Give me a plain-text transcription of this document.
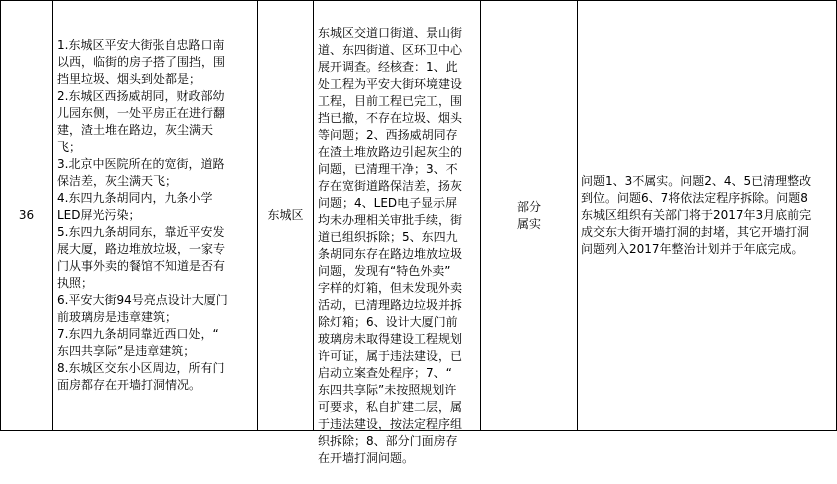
36
1.东城区平安大街张自忠路口南
以西，临街的房子搭了围挡，围
挡里垃圾、烟头到处都是；
2.东城区西扬威胡同，财政部幼
儿园东侧，一处平房正在进行翻
建，渣土堆在路边，灰尘满天
飞；
3.北京中医院所在的宽街，道路
保洁差，灰尘满天飞；
4.东四九条胡同内，九条小学
LED屏光污染；
5.东四九条胡同东，靠近平安发
展大厦，路边堆放垃圾，一家专
门从事外卖的餐馆不知道是否有
执照；
6.平安大街94号亮点设计大厦门
前玻璃房是违章建筑；
7.东四九条胡同靠近西口处，“
东四共享际”是违章建筑；
8.东城区交东小区周边，所有门
面房都存在开墙打洞情况。
东城区

东城区交道口街道、景山街
道、东四街道、区环卫中心
展开调查。经核查：1、此
处工程为平安大街环境建设
工程，目前工程已完工，围
挡已撤，不存在垃圾、烟头
等问题；2、西扬威胡同存
在渣土堆放路边引起灰尘的
问题，已清理干净；3、不
存在宽街道路保洁差，扬灰
问题；4、LED电子显示屏
均未办理相关审批手续，街
道已组织拆除；5、东四九
条胡同东存在路边堆放垃圾
问题，发现有“特色外卖”
字样的灯箱，但未发现外卖
活动，已清理路边垃圾并拆
除灯箱；6、设计大厦门前
玻璃房未取得建设工程规划
许可证，属于违法建设，已
启动立案查处程序；7、“
东四共享际”未按照规划许
可要求，私自扩建二层，属
于违法建设，按法定程序组
织拆除；8、部分门面房存
在开墙打洞问题。

部分
属实
问题1、3不属实。问题2、4、5已清理整改
到位。问题6、7将依法定程序拆除。问题8
东城区组织有关部门将于2017年3月底前完
成交东大街开墙打洞的封堵，其它开墙打洞
问题列入2017年整治计划并于年底完成。
